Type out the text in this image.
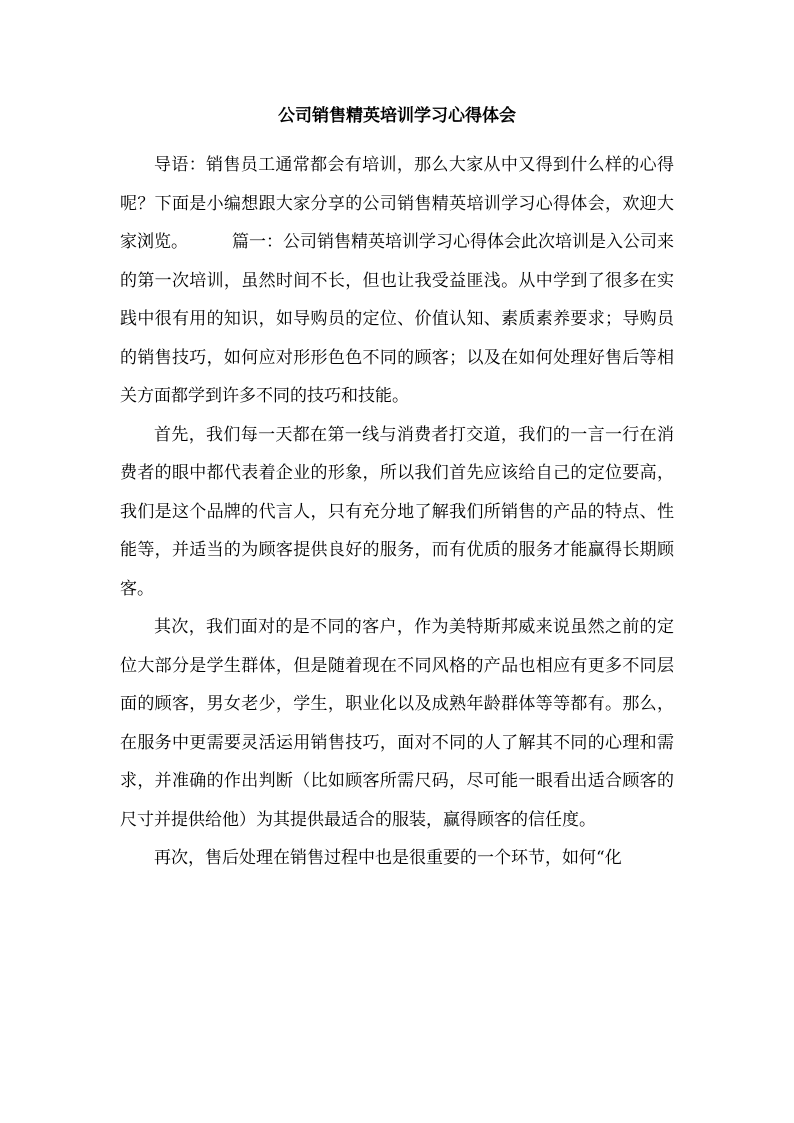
公司销售精英培训学习心得体会

导语：销售员工通常都会有培训，那么大家从中又得到什么样的心得呢？下面是小编想跟大家分享的公司销售精英培训学习心得体会，欢迎大家浏览。	篇一：公司销售精英培训学习心得体会此次培训是入公司来的第一次培训，虽然时间不长，但也让我受益匪浅。从中学到了很多在实践中很有用的知识，如导购员的定位、价值认知、素质素养要求；导购员的销售技巧，如何应对形形色色不同的顾客；以及在如何处理好售后等相关方面都学到许多不同的技巧和技能。

首先，我们每一天都在第一线与消费者打交道，我们的一言一行在消费者的眼中都代表着企业的形象，所以我们首先应该给自己的定位要高，我们是这个品牌的代言人，只有充分地了解我们所销售的产品的特点、性能等，并适当的为顾客提供良好的服务，而有优质的服务才能赢得长期顾客。

其次，我们面对的是不同的客户，作为美特斯邦威来说虽然之前的定位大部分是学生群体，但是随着现在不同风格的产品也相应有更多不同层面的顾客，男女老少，学生，职业化以及成熟年龄群体等等都有。那么，在服务中更需要灵活运用销售技巧，面对不同的人了解其不同的心理和需求，并准确的作出判断（比如顾客所需尺码，尽可能一眼看出适合顾客的尺寸并提供给他）为其提供最适合的服装，赢得顾客的信任度。

再次，售后处理在销售过程中也是很重要的一个环节，如何“化
